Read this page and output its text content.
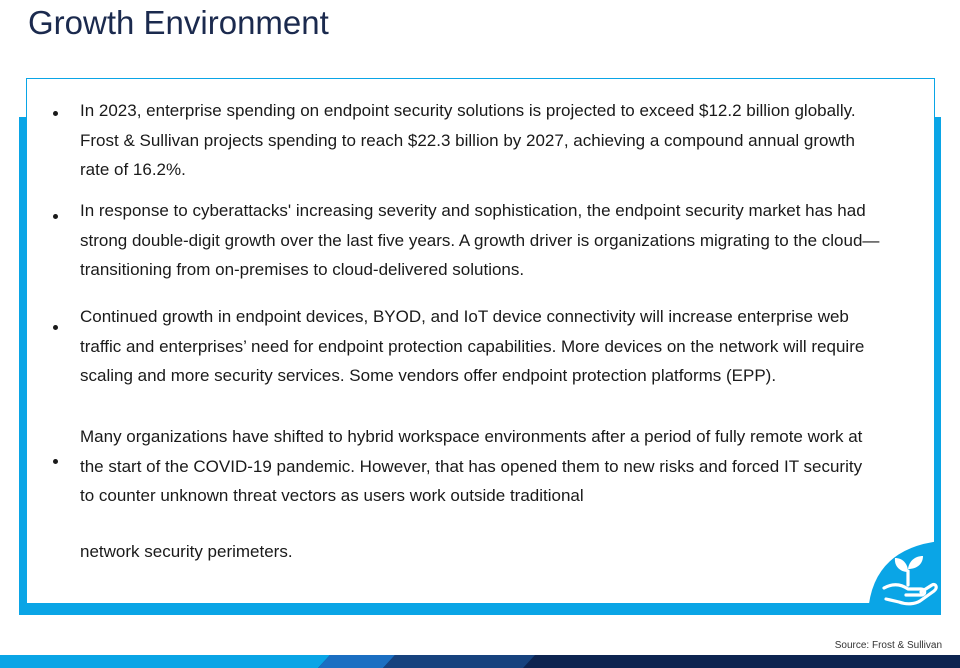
Growth Environment
In 2023, enterprise spending on endpoint security solutions is projected to exceed $12.2 billion globally. Frost & Sullivan projects spending to reach $22.3 billion by 2027, achieving a compound annual growth rate of 16.2%.
In response to cyberattacks' increasing severity and sophistication, the endpoint security market has had strong double-digit growth over the last five years. A growth driver is organizations migrating to the cloud—transitioning from on-premises to cloud-delivered solutions.
Continued growth in endpoint devices, BYOD, and IoT device connectivity will increase enterprise web traffic and enterprises’ need for endpoint protection capabilities. More devices on the network will require scaling and more security services. Some vendors offer endpoint protection platforms (EPP).
Many organizations have shifted to hybrid workspace environments after a period of fully remote work at the start of the COVID-19 pandemic. However, that has opened them to new risks and forced IT security to counter unknown threat vectors as users work outside traditional
network security perimeters.
Source: Frost & Sullivan
